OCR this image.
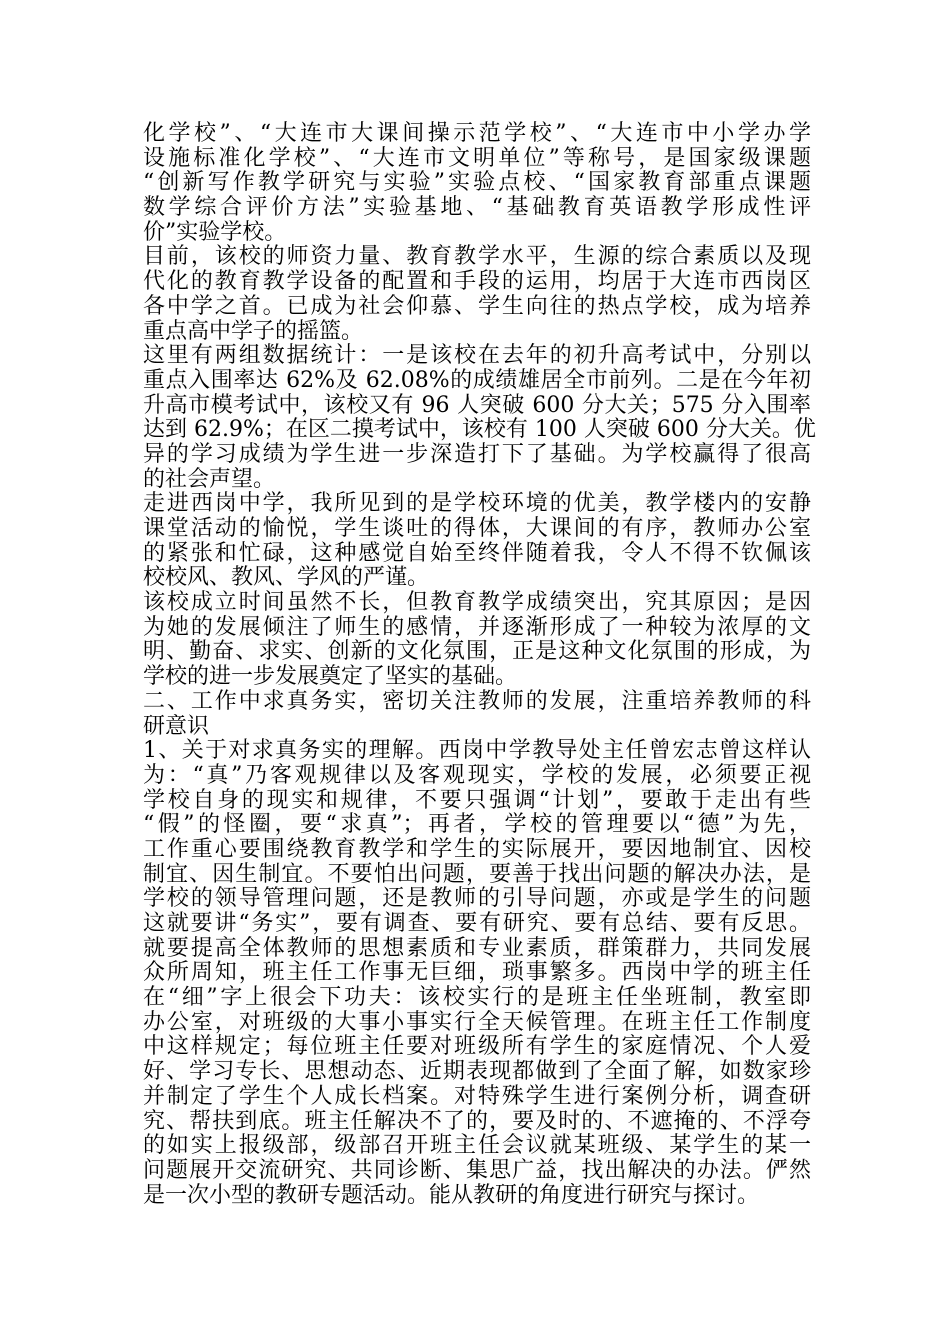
化学校”、“大连市大课间操示范学校”、“大连市中小学办学
设施标准化学校”、“大连市文明单位”等称号，是国家级课题
“创新写作教学研究与实验”实验点校、“国家教育部重点课题
数学综合评价方法”实验基地、“基础教育英语教学形成性评
价”实验学校。
目前，该校的师资力量、教育教学水平，生源的综合素质以及现
代化的教育教学设备的配置和手段的运用，均居于大连市西岗区
各中学之首。已成为社会仰慕、学生向往的热点学校，成为培养
重点高中学子的摇篮。
这里有两组数据统计：一是该校在去年的初升高考试中，分别以
重点入围率达 62%及 62.08%的成绩雄居全市前列。二是在今年初
升高市模考试中，该校又有 96 人突破 600 分大关；575 分入围率
达到 62.9%；在区二摸考试中，该校有 100 人突破 600 分大关。优
异的学习成绩为学生进一步深造打下了基础。为学校赢得了很高
的社会声望。
走进西岗中学，我所见到的是学校环境的优美，教学楼内的安静
课堂活动的愉悦，学生谈吐的得体，大课间的有序，教师办公室
的紧张和忙碌，这种感觉自始至终伴随着我，令人不得不钦佩该
校校风、教风、学风的严谨。
该校成立时间虽然不长，但教育教学成绩突出，究其原因；是因
为她的发展倾注了师生的感情，并逐渐形成了一种较为浓厚的文
明、勤奋、求实、创新的文化氛围，正是这种文化氛围的形成，为
学校的进一步发展奠定了坚实的基础。
二、工作中求真务实，密切关注教师的发展，注重培养教师的科
研意识
1、关于对求真务实的理解。西岗中学教导处主任曾宏志曾这样认
为：“真”乃客观规律以及客观现实，学校的发展，必须要正视
学校自身的现实和规律，不要只强调“计划”，要敢于走出有些
“假”的怪圈，要“求真”；再者，学校的管理要以“德”为先，
工作重心要围绕教育教学和学生的实际展开，要因地制宜、因校
制宜、因生制宜。不要怕出问题，要善于找出问题的解决办法，是
学校的领导管理问题，还是教师的引导问题，亦或是学生的问题
这就要讲“务实”，要有调查、要有研究、要有总结、要有反思。
就要提高全体教师的思想素质和专业素质，群策群力，共同发展
众所周知，班主任工作事无巨细，琐事繁多。西岗中学的班主任
在“细”字上很会下功夫：该校实行的是班主任坐班制，教室即
办公室，对班级的大事小事实行全天候管理。在班主任工作制度
中这样规定；每位班主任要对班级所有学生的家庭情况、个人爱
好、学习专长、思想动态、近期表现都做到了全面了解，如数家珍
并制定了学生个人成长档案。对特殊学生进行案例分析，调查研
究、帮扶到底。班主任解决不了的，要及时的、不遮掩的、不浮夸
的如实上报级部，级部召开班主任会议就某班级、某学生的某一
问题展开交流研究、共同诊断、集思广益，找出解决的办法。俨然
是一次小型的教研专题活动。能从教研的角度进行研究与探讨。
